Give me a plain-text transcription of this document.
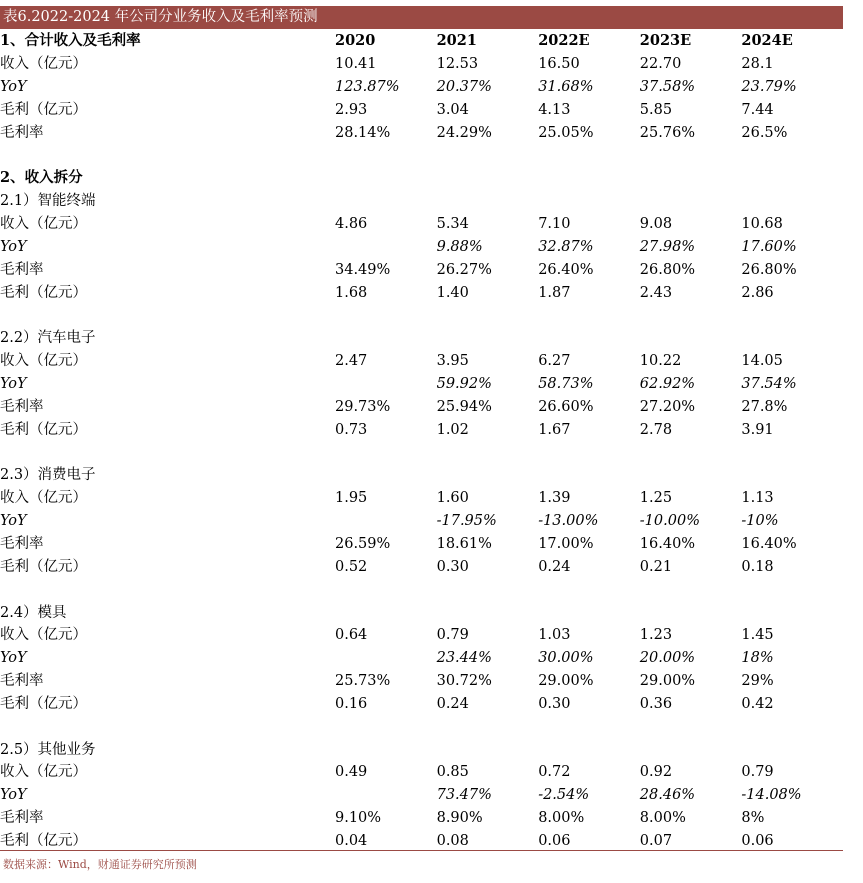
表6.2022-2024 年公司分业务收入及毛利率预测
1、合计收入及毛利率	2020	2021	2022E	2023E	2024E
收入（亿元）	10.41	12.53	16.50	22.70	28.1
YoY	123.87%	20.37%	31.68%	37.58%	23.79%
毛利（亿元）	2.93	3.04	4.13	5.85	7.44
毛利率	28.14%	24.29%	25.05%	25.76%	26.5%

2、收入拆分					
2.1）智能终端					
收入（亿元）	4.86	5.34	7.10	9.08	10.68
YoY		9.88%	32.87%	27.98%	17.60%
毛利率	34.49%	26.27%	26.40%	26.80%	26.80%
毛利（亿元）	1.68	1.40	1.87	2.43	2.86

2.2）汽车电子					
收入（亿元）	2.47	3.95	6.27	10.22	14.05
YoY		59.92%	58.73%	62.92%	37.54%
毛利率	29.73%	25.94%	26.60%	27.20%	27.8%
毛利（亿元）	0.73	1.02	1.67	2.78	3.91

2.3）消费电子					
收入（亿元）	1.95	1.60	1.39	1.25	1.13
YoY		-17.95%	-13.00%	-10.00%	-10%
毛利率	26.59%	18.61%	17.00%	16.40%	16.40%
毛利（亿元）	0.52	0.30	0.24	0.21	0.18

2.4）模具					
收入（亿元）	0.64	0.79	1.03	1.23	1.45
YoY		23.44%	30.00%	20.00%	18%
毛利率	25.73%	30.72%	29.00%	29.00%	29%
毛利（亿元）	0.16	0.24	0.30	0.36	0.42

2.5）其他业务					
收入（亿元）	0.49	0.85	0.72	0.92	0.79
YoY		73.47%	-2.54%	28.46%	-14.08%
毛利率	9.10%	8.90%	8.00%	8.00%	8%
毛利（亿元）	0.04	0.08	0.06	0.07	0.06
数据来源：Wind，财通证券研究所预测
